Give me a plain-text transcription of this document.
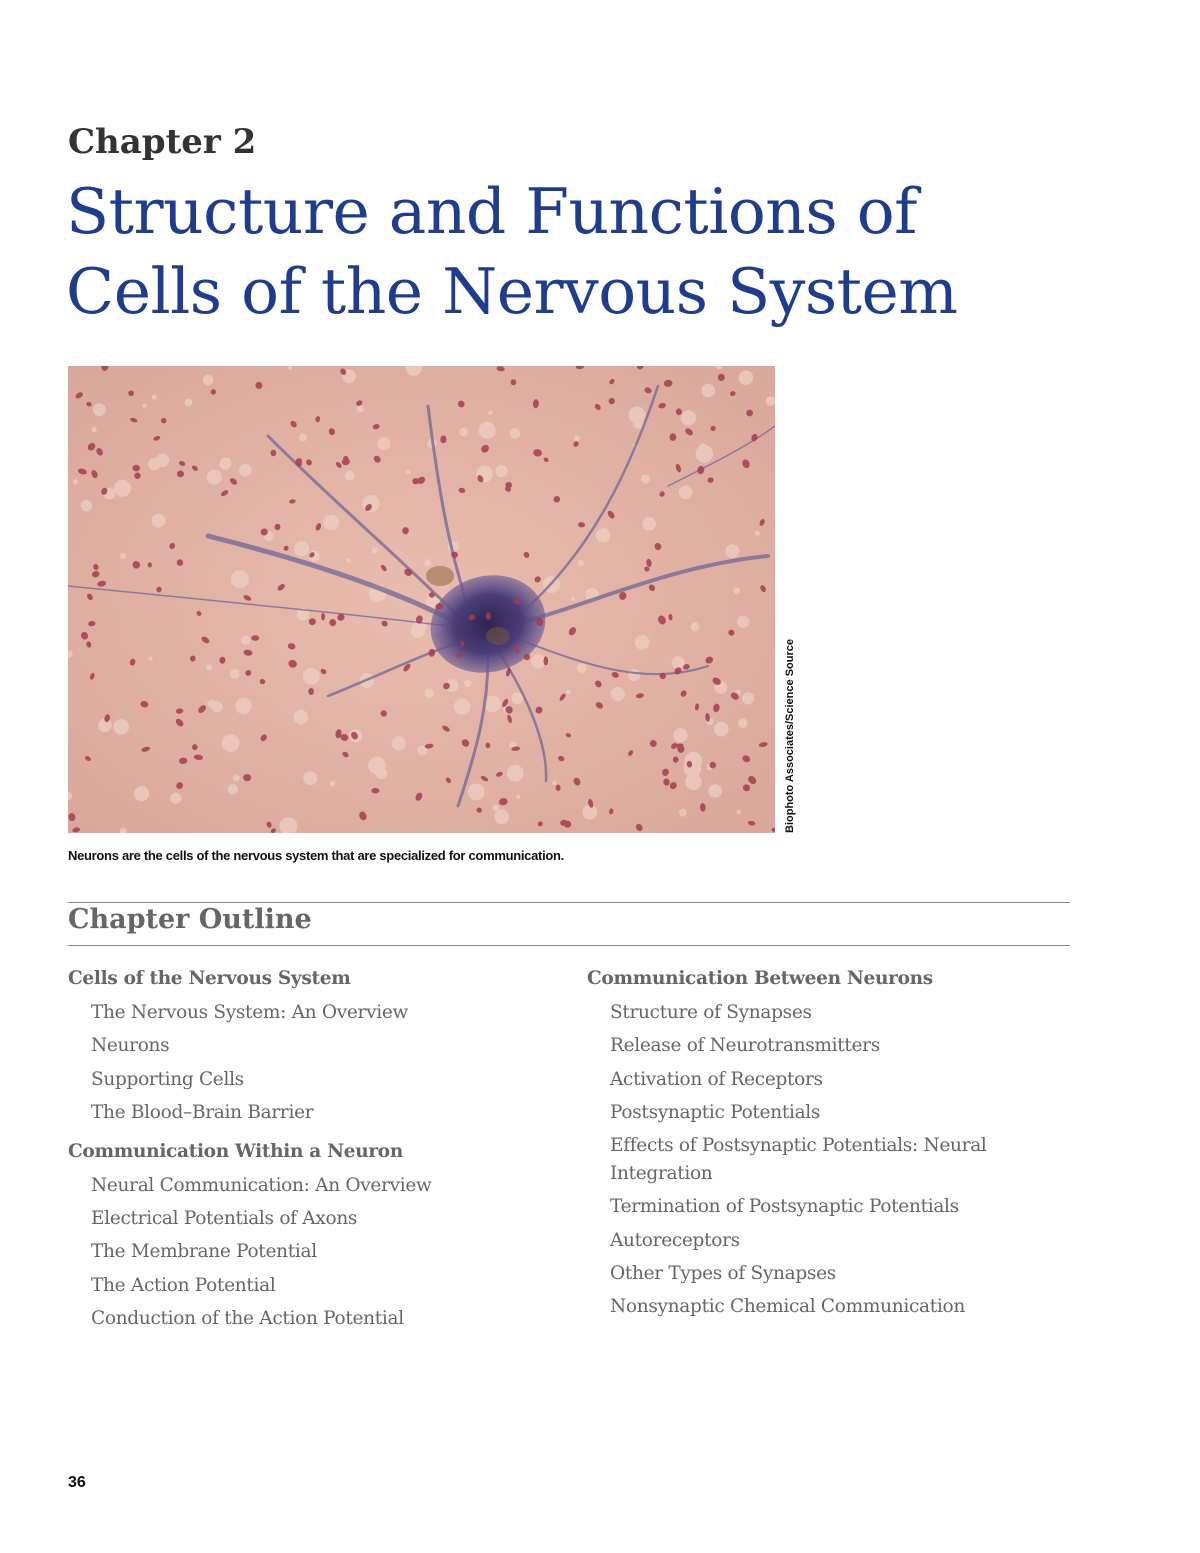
Chapter 2
Structure and Functions of Cells of the Nervous System
Biophoto Associates/Science Source
Neurons are the cells of the nervous system that are specialized for communication.
Chapter Outline
Cells of the Nervous System
The Nervous System: An Overview
Neurons
Supporting Cells
The Blood–Brain Barrier
Communication Within a Neuron
Neural Communication: An Overview
Electrical Potentials of Axons
The Membrane Potential
The Action Potential
Conduction of the Action Potential
Communication Between Neurons
Structure of Synapses
Release of Neurotransmitters
Activation of Receptors
Postsynaptic Potentials
Effects of Postsynaptic Potentials: Neural Integration
Termination of Postsynaptic Potentials
Autoreceptors
Other Types of Synapses
Nonsynaptic Chemical Communication
36
